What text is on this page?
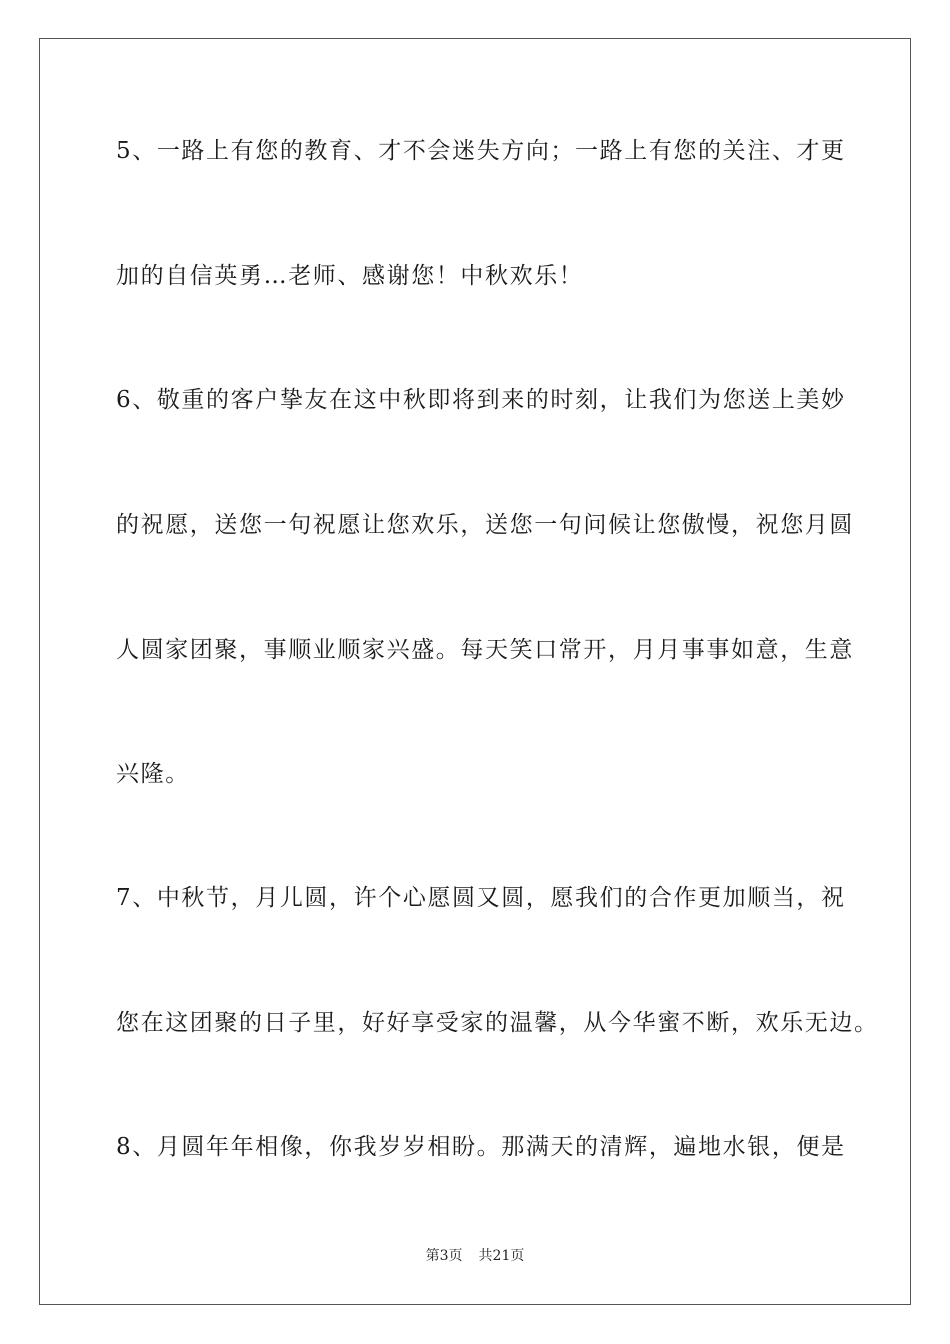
5、一路上有您的教育、才不会迷失方向；一路上有您的关注、才更
加的自信英勇…老师、感谢您！中秋欢乐！
6、敬重的客户挚友在这中秋即将到来的时刻，让我们为您送上美妙
的祝愿，送您一句祝愿让您欢乐，送您一句问候让您傲慢，祝您月圆
人圆家团聚，事顺业顺家兴盛。每天笑口常开，月月事事如意，生意
兴隆。
7、中秋节，月儿圆，许个心愿圆又圆，愿我们的合作更加顺当，祝
您在这团聚的日子里，好好享受家的温馨，从今华蜜不断，欢乐无边。
8、月圆年年相像，你我岁岁相盼。那满天的清辉，遍地水银，便是
第3页 共21页
